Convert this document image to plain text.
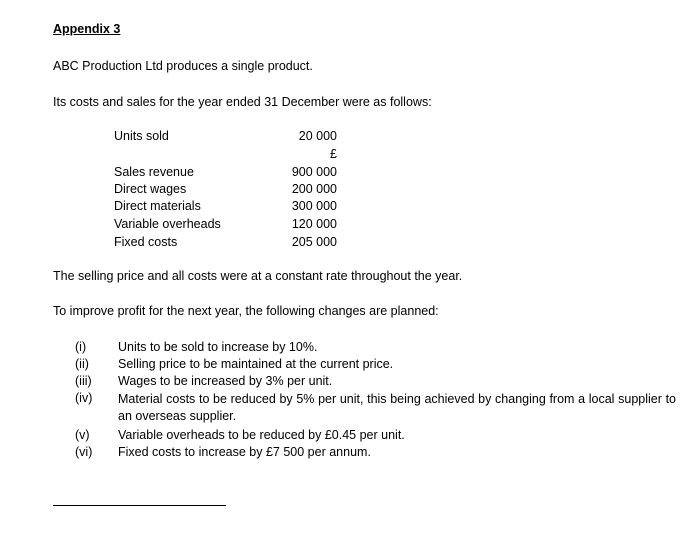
Appendix 3
ABC Production Ltd produces a single product.
Its costs and sales for the year ended 31 December were as follows:
Units sold	20 000
£
Sales revenue	900 000
Direct wages	200 000
Direct materials	300 000
Variable overheads	120 000
Fixed costs	205 000
The selling price and all costs were at a constant rate throughout the year.
To improve profit for the next year, the following changes are planned:
(i)	Units to be sold to increase by 10%.
(ii) Selling price to be maintained at the current price.
(iii) Wages to be increased by 3% per unit.
(iv) Material costs to be reduced by 5% per unit, this being achieved by changing from a local supplier to an overseas supplier.
(v) Variable overheads to be reduced by £0.45 per unit.
(vi) Fixed costs to increase by £7 500 per annum.
